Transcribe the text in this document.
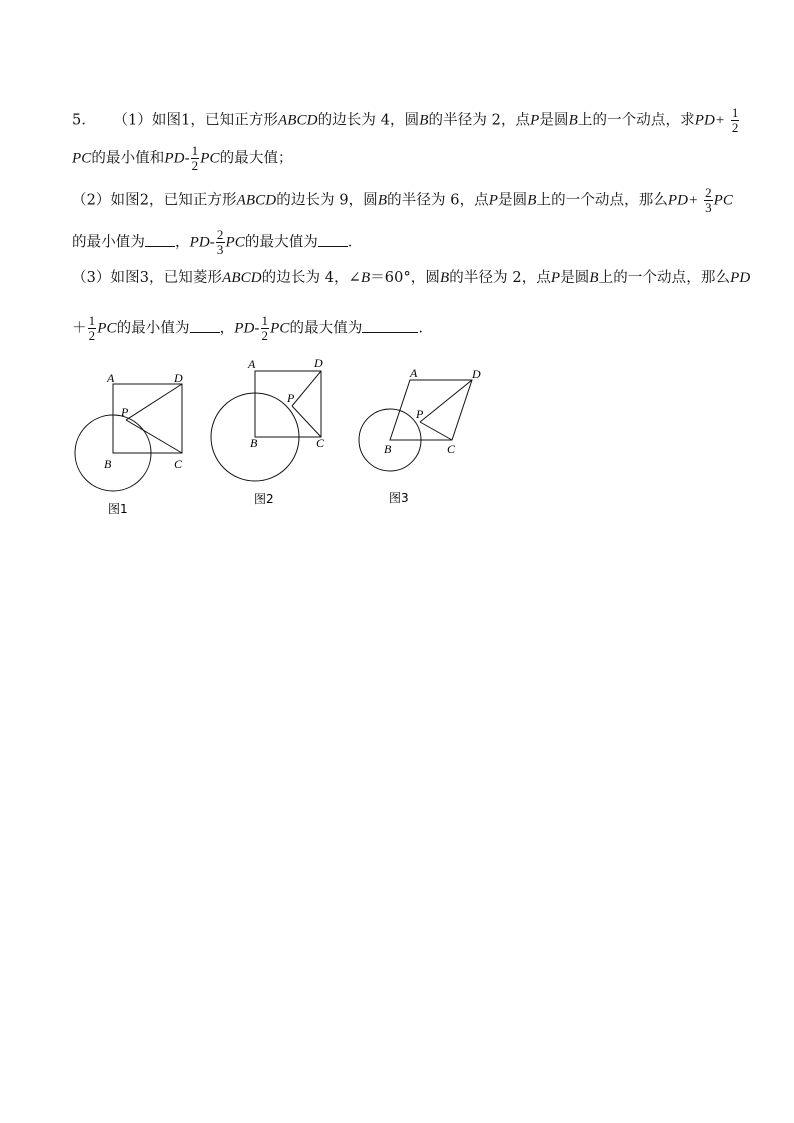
5． （1）如图1，已知正方形ABCD的边长为 4，圆B的半径为 2，点P是圆B上的一个动点，求$PD+ \frac{1}{2}$
PC的最小值和$PD- \frac{1}{2}$ PC的最大值；
（2）如图2，已知正方形ABCD的边长为 9，圆B的半径为 6，点P是圆B上的一个动点，那么$PD+ \frac{2}{3}$ PC
的最小值为 ，$PD- \frac{2}{3}$ PC的最大值为 ．
（3）如图3，已知菱形ABCD的边长为 4，∠B＝60°，圆B的半径为 2，点P是圆B上的一个动点，那么PD
＋ $\frac{1}{2}$ PC的最小值为 ，$PD- \frac{1}{2}$ PC的最大值为	．
A	D
P
B	C
图1
A	D
P
B	C
图2
A	D
P
B	C
图3
